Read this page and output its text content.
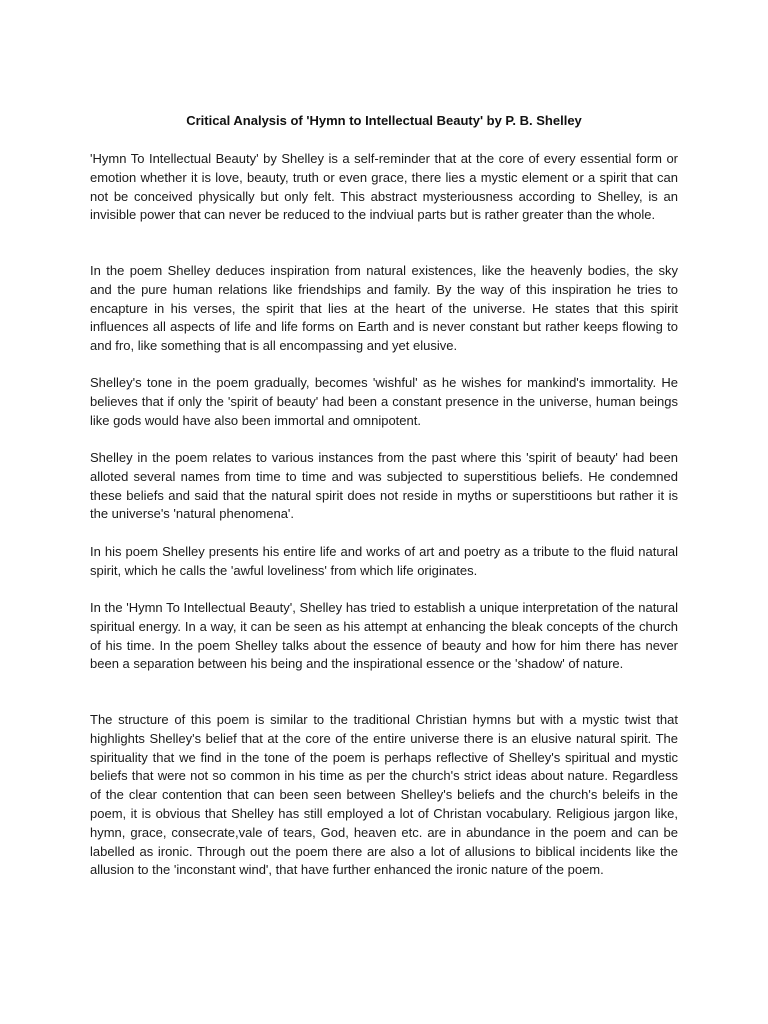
Critical Analysis of 'Hymn to Intellectual Beauty' by P. B. Shelley

'Hymn To Intellectual Beauty' by Shelley is a self-reminder that at the core of every essential form or emotion whether it is love, beauty, truth or even grace, there lies a mystic element or a spirit that can not be conceived physically but only felt. This abstract mysteriousness according to Shelley, is an invisible power that can never be reduced to the indviual parts but is rather greater than the whole.

In the poem Shelley deduces inspiration from natural existences, like the heavenly bodies, the sky and the pure human relations like friendships and family. By the way of this inspiration he tries to encapture in his verses, the spirit that lies at the heart of the universe. He states that this spirit influences all aspects of life and life forms on Earth and is never constant but rather keeps flowing to and fro, like something that is all encompassing and yet elusive.

Shelley's tone in the poem gradually, becomes 'wishful' as he wishes for mankind's immortality. He believes that if only the 'spirit of beauty' had been a constant presence in the universe, human beings like gods would have also been immortal and omnipotent.

Shelley in the poem relates to various instances from the past where this 'spirit of beauty' had been alloted several names from time to time and was subjected to superstitious beliefs. He condemned these beliefs and said that the natural spirit does not reside in myths or superstitioons but rather it is the universe's 'natural phenomena'.

In his poem Shelley presents his entire life and works of art and poetry as a tribute to the fluid natural spirit, which he calls the 'awful loveliness' from which life originates.

In the 'Hymn To Intellectual Beauty', Shelley has tried to establish a unique interpretation of the natural spiritual energy. In a way, it can be seen as his attempt at enhancing the bleak concepts of the church of his time. In the poem Shelley talks about the essence of beauty and how for him there has never been a separation between his being and the inspirational essence or the 'shadow' of nature.

The structure of this poem is similar to the traditional Christian hymns but with a mystic twist that highlights Shelley's belief that at the core of the entire universe there is an elusive natural spirit. The spirituality that we find in the tone of the poem is perhaps reflective of Shelley's spiritual and mystic beliefs that were not so common in his time as per the church's strict ideas about nature. Regardless of the clear contention that can been seen between Shelley's beliefs and the church's beleifs in the poem, it is obvious that Shelley has still employed a lot of Christan vocabulary. Religious jargon like, hymn, grace, consecrate,vale of tears, God, heaven etc. are in abundance in the poem and can be labelled as ironic. Through out the poem there are also a lot of allusions to biblical incidents like the allusion to the 'inconstant wind', that have further enhanced the ironic nature of the poem.
